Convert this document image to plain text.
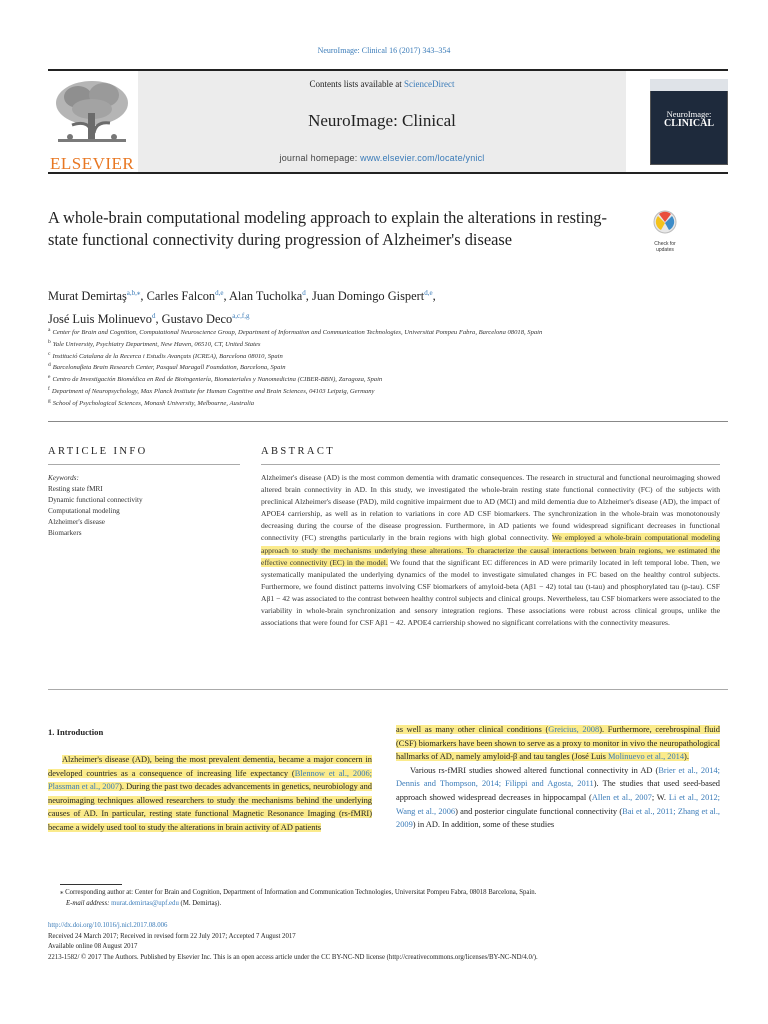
NeuroImage: Clinical 16 (2017) 343–354
ELSEVIER
Contents lists available at ScienceDirect
NeuroImage: Clinical
journal homepage: www.elsevier.com/locate/ynicl
NeuroImage:
CLINICAL
A whole-brain computational modeling approach to explain the alterations in resting-state functional connectivity during progression of Alzheimer's disease	Check for
updates
Murat Demirtaş$^{a,b,⁎}$, Carles Falcon$^{d,e}$, Alan Tucholka$^d$, Juan Domingo Gispert$^{d,e}$,
José Luis Molinuevo$^d$, Gustavo Deco$^{a,c,f,g}$
$^a$ Center for Brain and Cognition, Computational Neuroscience Group, Department of Information and Communication Technologies, Universitat Pompeu Fabra, Barcelona 08018, Spain
$^b$ Yale University, Psychiatry Department, New Haven, 06510, CT, United States
$^c$ Institució Catalana de la Recerca i Estudis Avançats (ICREA), Barcelona 08010, Spain
$^d$ Barcelonaβeta Brain Research Center, Pasqual Maragall Foundation, Barcelona, Spain
$^e$ Centro de Investigación Biomédica en Red de Bioingeniería, Biomateriales y Nanomedicina (CIBER-BBN), Zaragoza, Spain
$^f$ Department of Neuropsychology, Max Planck Institute for Human Cognitive and Brain Sciences, 04103 Leipzig, Germany
$^g$ School of Psychological Sciences, Monash University, Melbourne, Australia
ARTICLE INFO
Keywords:
Resting state fMRI
Dynamic functional connectivity
Computational modeling
Alzheimer's disease
Biomarkers
ABSTRACT
Alzheimer's disease (AD) is the most common dementia with dramatic consequences. The research in structural and functional neuroimaging showed altered brain connectivity in AD. In this study, we investigated the whole-brain resting state functional connectivity (FC) of the subjects with preclinical Alzheimer's disease (PAD), mild cognitive impairment due to AD (MCI) and mild dementia due to Alzheimer's disease (AD), the impact of APOE4 carriership, as well as in relation to variations in core AD CSF biomarkers. The synchronization in the whole-brain was monotonously decreasing during the course of the disease progression. Furthermore, in AD patients we found widespread significant decreases in functional connectivity (FC) strengths particularly in the brain regions with high global connectivity. We employed a whole-brain computational modeling approach to study the mechanisms underlying these alterations. To characterize the causal interactions between brain regions, we estimated the effective connectivity (EC) in the model. We found that the significant EC differences in AD were primarily located in left temporal lobe. Then, we systematically manipulated the underlying dynamics of the model to investigate simulated changes in FC based on the healthy control subjects. Furthermore, we found distinct patterns involving CSF biomarkers of amyloid-beta (Aβ1 − 42) total tau (t-tau) and phosphorylated tau (p-tau). CSF Aβ1 − 42 was associated to the contrast between healthy control subjects and clinical groups. Nevertheless, tau CSF biomarkers were associated to the variability in whole-brain synchronization and sensory integration regions. These associations were robust across clinical groups, unlike the associations that were found for CSF Aβ1 − 42. APOE4 carriership showed no significant correlations with the connectivity measures.
1. Introduction

Alzheimer's disease (AD), being the most prevalent dementia, became a major concern in developed countries as a consequence of increasing life expectancy (Blennow et al., 2006; Plassman et al., 2007). During the past two decades advancements in genetics, neurobiology and neuroimaging techniques allowed researchers to study the mechanisms behind the underlying causes of AD. In particular, resting state functional Magnetic Resonance Imaging (rs-fMRI) became a widely used tool to study the alterations in brain activity of AD patients

as well as many other clinical conditions (Greicius, 2008). Furthermore, cerebrospinal fluid (CSF) biomarkers have been shown to serve as a proxy to monitor in vivo the neuropathological hallmarks of AD, namely amyloid-β and tau tangles (José Luis Molinuevo et al., 2014).

Various rs-fMRI studies showed altered functional connectivity in AD (Brier et al., 2014; Dennis and Thompson, 2014; Filippi and Agosta, 2011). The studies that used seed-based approach showed widespread decreases in hippocampal (Allen et al., 2007; W. Li et al., 2012; Wang et al., 2006) and posterior cingulate functional connectivity (Bai et al., 2011; Zhang et al., 2009) in AD. In addition, some of these studies

⁎ Corresponding author at: Center for Brain and Cognition, Department of Information and Communication Technologies, Universitat Pompeu Fabra, 08018 Barcelona, Spain.
E-mail address: murat.demirtas@upf.edu (M. Demirtaş).
http://dx.doi.org/10.1016/j.nicl.2017.08.006
Received 24 March 2017; Received in revised form 22 July 2017; Accepted 7 August 2017
Available online 08 August 2017
2213-1582/ © 2017 The Authors. Published by Elsevier Inc. This is an open access article under the CC BY-NC-ND license (http://creativecommons.org/licenses/BY-NC-ND/4.0/).
